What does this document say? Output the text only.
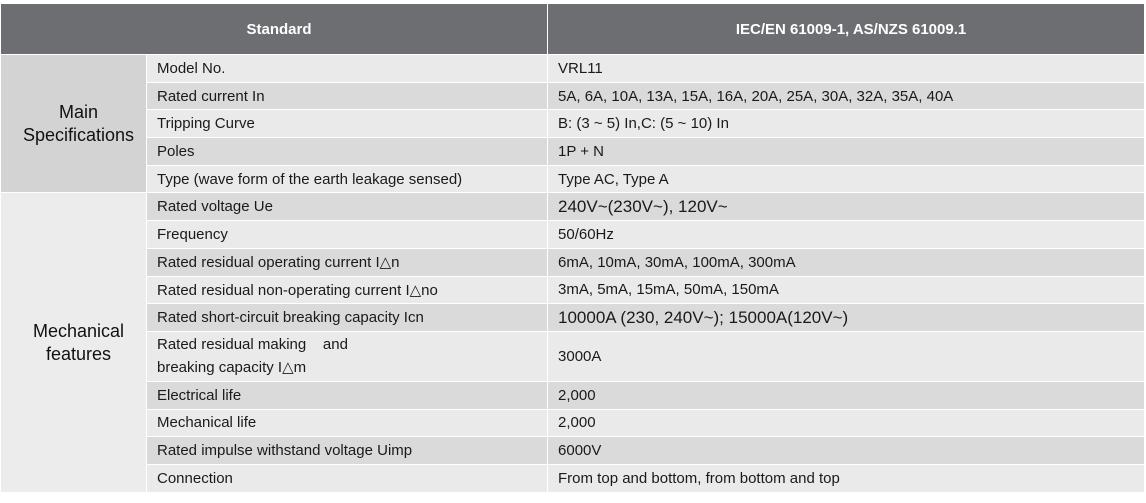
Standard		IEC/EN 61009-1, AS/NZS 61009.1
Main
Specifications	Model No.	VRL11
	Rated current In	5A, 6A, 10A, 13A, 15A, 16A, 20A, 25A, 30A, 32A, 35A, 40A
	Tripping Curve	B: (3 ~ 5) In,C: (5 ~ 10) In
	Poles	1P + N
	Type (wave form of the earth leakage sensed)	Type AC, Type A
Mechanical
features	Rated voltage Ue	240V~(230V~), 120V~
	Frequency	50/60Hz
	Rated residual operating current I△n	6mA, 10mA, 30mA, 100mA, 300mA
	Rated residual non-operating current I△no	3mA, 5mA, 15mA, 50mA, 150mA
	Rated short-circuit breaking capacity Icn	10000A (230, 240V~); 15000A(120V~)
	Rated residual making    and
breaking capacity I△m	3000A
	Electrical life	2,000
	Mechanical life	2,000
	Rated impulse withstand voltage Uimp	6000V
	Connection	From top and bottom, from bottom and top
